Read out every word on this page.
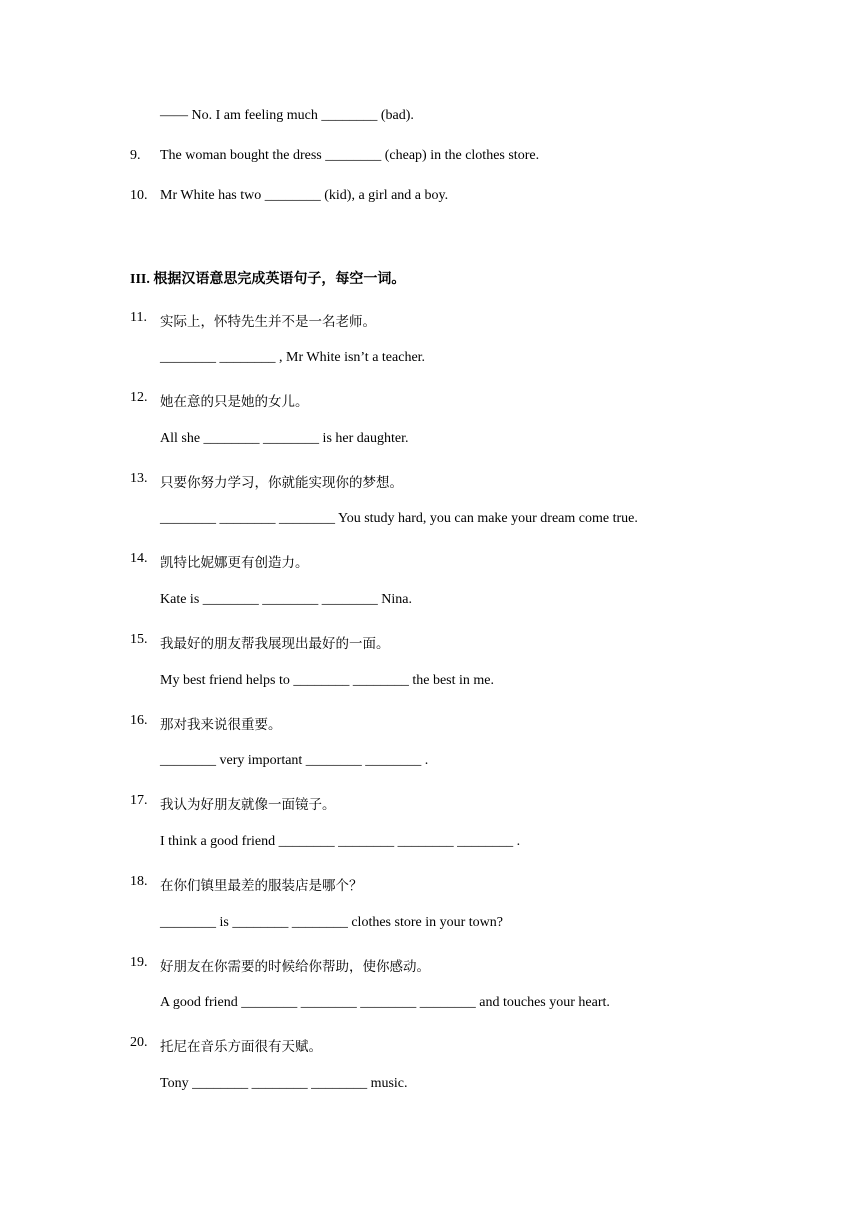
—— No. I am feeling much ________ (bad).
9. The woman bought the dress ________ (cheap) in the clothes store.
10. Mr White has two ________ (kid), a girl and a boy.
III. 根据汉语意思完成英语句子，每空一词。
11. 实际上，怀特先生并不是一名老师。
________ ________ , Mr White isn’t a teacher.
12. 她在意的只是她的女儿。
All she ________ ________ is her daughter.
13. 只要你努力学习，你就能实现你的梦想。
________ ________ ________ You study hard, you can make your dream come true.
14. 凯特比妮娜更有创造力。
Kate is ________ ________ ________ Nina.
15. 我最好的朋友帮我展现出最好的一面。
My best friend helps to ________ ________ the best in me.
16. 那对我来说很重要。
________ very important ________ ________ .
17. 我认为好朋友就像一面镜子。
I think a good friend ________ ________ ________ ________ .
18. 在你们镇里最差的服装店是哪个？
________ is ________ ________ clothes store in your town?
19. 好朋友在你需要的时候给你帮助，使你感动。
A good friend ________ ________ ________ ________ and touches your heart.
20. 托尼在音乐方面很有天赋。
Tony ________ ________ ________ music.
